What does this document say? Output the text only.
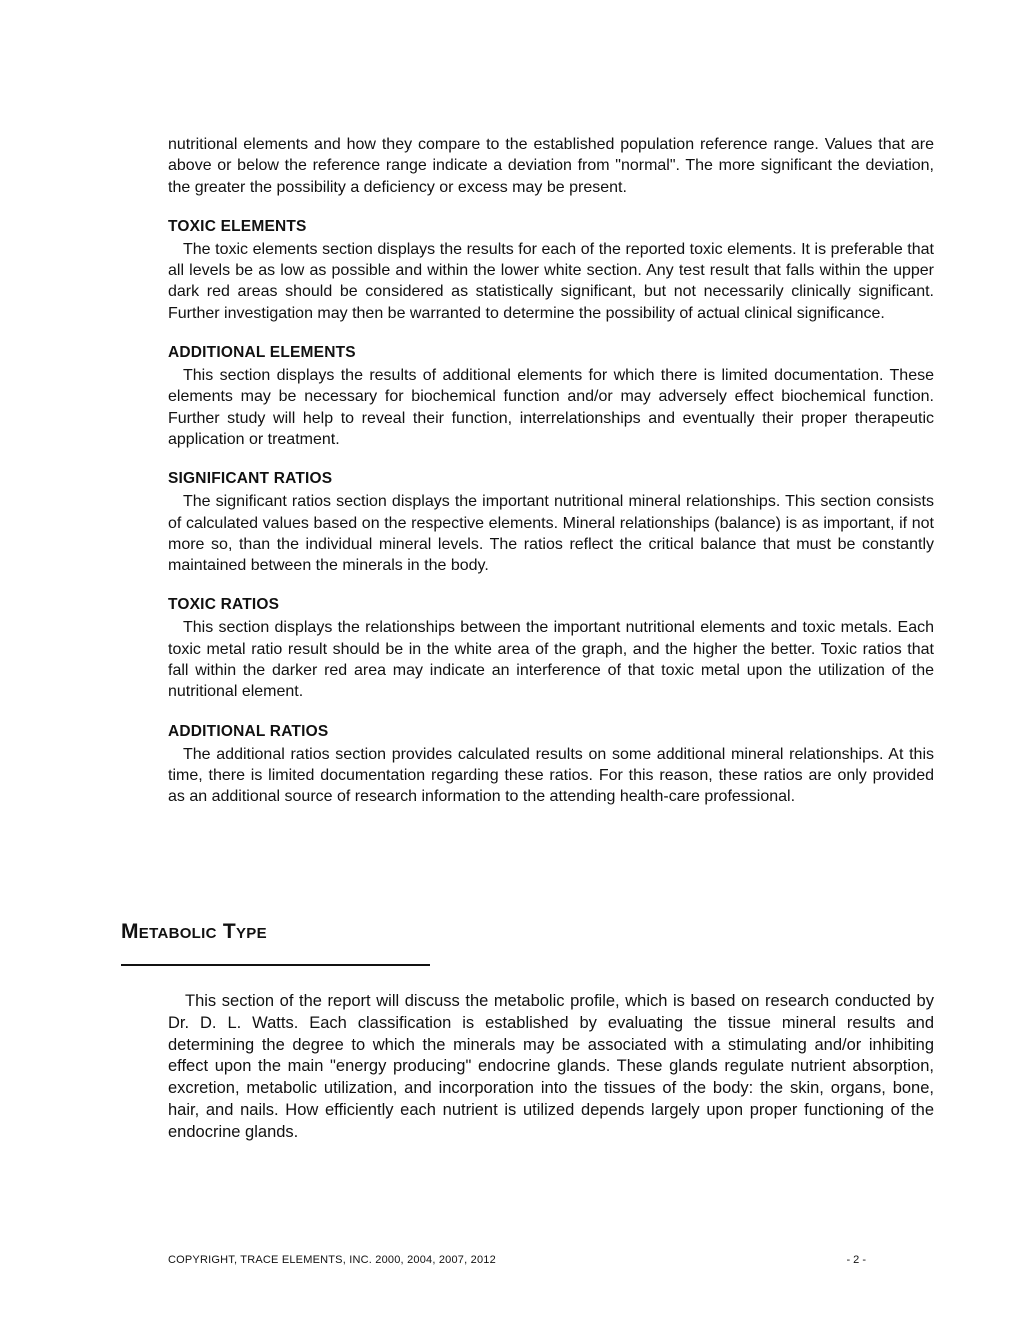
nutritional elements and how they compare to the established population reference range. Values that are above or below the reference range indicate a deviation from "normal". The more significant the deviation, the greater the possibility a deficiency or excess may be present.

TOXIC ELEMENTS

The toxic elements section displays the results for each of the reported toxic elements. It is preferable that all levels be as low as possible and within the lower white section. Any test result that falls within the upper dark red areas should be considered as statistically significant, but not necessarily clinically significant. Further investigation may then be warranted to determine the possibility of actual clinical significance.

ADDITIONAL ELEMENTS

This section displays the results of additional elements for which there is limited documentation. These elements may be necessary for biochemical function and/or may adversely effect biochemical function. Further study will help to reveal their function, interrelationships and eventually their proper therapeutic application or treatment.

SIGNIFICANT RATIOS

The significant ratios section displays the important nutritional mineral relationships. This section consists of calculated values based on the respective elements. Mineral relationships (balance) is as important, if not more so, than the individual mineral levels. The ratios reflect the critical balance that must be constantly maintained between the minerals in the body.

TOXIC RATIOS

This section displays the relationships between the important nutritional elements and toxic metals. Each toxic metal ratio result should be in the white area of the graph, and the higher the better. Toxic ratios that fall within the darker red area may indicate an interference of that toxic metal upon the utilization of the nutritional element.

ADDITIONAL RATIOS

The additional ratios section provides calculated results on some additional mineral relationships. At this time, there is limited documentation regarding these ratios. For this reason, these ratios are only provided as an additional source of research information to the attending health-care professional.

Metabolic Type

This section of the report will discuss the metabolic profile, which is based on research conducted by Dr. D. L. Watts. Each classification is established by evaluating the tissue mineral results and determining the degree to which the minerals may be associated with a stimulating and/or inhibiting effect upon the main "energy producing" endocrine glands. These glands regulate nutrient absorption, excretion, metabolic utilization, and incorporation into the tissues of the body: the skin, organs, bone, hair, and nails. How efficiently each nutrient is utilized depends largely upon proper functioning of the endocrine glands.

COPYRIGHT, TRACE ELEMENTS, INC. 2000, 2004, 2007, 2012	- 2 -
